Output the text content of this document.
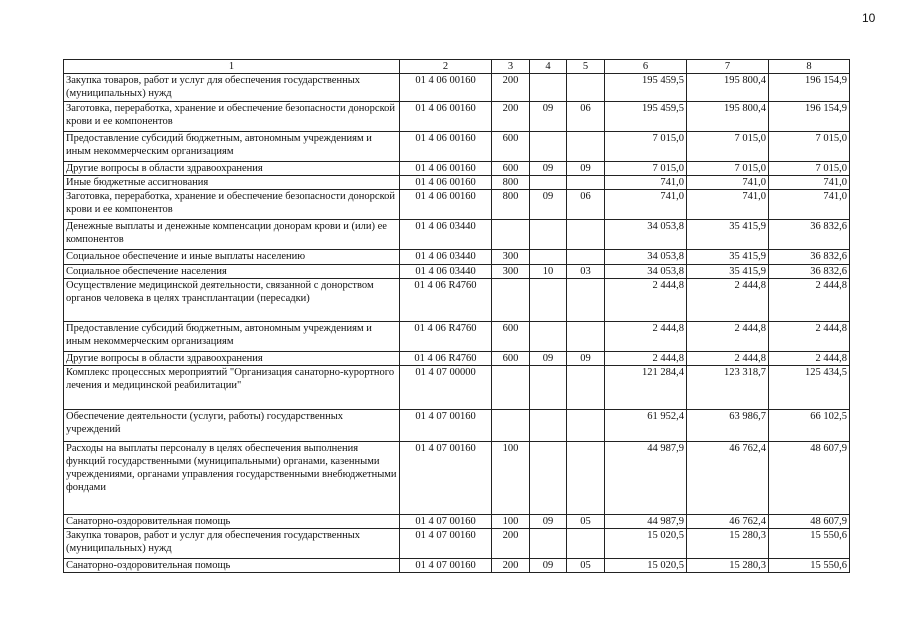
10
1	2	3	4	5	6	7	8
Закупка товаров, работ и услуг для обеспечения государственных (муниципальных) нужд	01 4 06 00160	200			195 459,5	195 800,4	196 154,9
Заготовка, переработка, хранение и обеспечение безопасности донорской крови и ее компонентов	01 4 06 00160	200	09	06	195 459,5	195 800,4	196 154,9
Предоставление субсидий бюджетным, автономным учреждениям и иным некоммерческим организациям	01 4 06 00160	600			7 015,0	7 015,0	7 015,0
Другие вопросы в области здравоохранения	01 4 06 00160	600	09	09	7 015,0	7 015,0	7 015,0
Иные бюджетные ассигнования	01 4 06 00160	800			741,0	741,0	741,0
Заготовка, переработка, хранение и обеспечение безопасности донорской крови и ее компонентов	01 4 06 00160	800	09	06	741,0	741,0	741,0
Денежные выплаты и денежные компенсации донорам крови и (или) ее компонентов	01 4 06 03440				34 053,8	35 415,9	36 832,6
Социальное обеспечение и иные выплаты населению	01 4 06 03440	300			34 053,8	35 415,9	36 832,6
Социальное обеспечение населения	01 4 06 03440	300	10	03	34 053,8	35 415,9	36 832,6
Осуществление медицинской деятельности, связанной с донорством органов человека в целях трансплантации (пересадки)	01 4 06 R4760				2 444,8	2 444,8	2 444,8
Предоставление субсидий бюджетным, автономным учреждениям и иным некоммерческим организациям	01 4 06 R4760	600			2 444,8	2 444,8	2 444,8
Другие вопросы в области здравоохранения	01 4 06 R4760	600	09	09	2 444,8	2 444,8	2 444,8
Комплекс процессных мероприятий "Организация санаторно-курортного лечения и медицинской реабилитации"	01 4 07 00000				121 284,4	123 318,7	125 434,5
Обеспечение деятельности (услуги, работы) государственных учреждений	01 4 07 00160				61 952,4	63 986,7	66 102,5
Расходы на выплаты персоналу в целях обеспечения выполнения функций государственными (муниципальными) органами, казенными учреждениями, органами управления государственными внебюджетными фондами	01 4 07 00160	100			44 987,9	46 762,4	48 607,9
Санаторно-оздоровительная помощь	01 4 07 00160	100	09	05	44 987,9	46 762,4	48 607,9
Закупка товаров, работ и услуг для обеспечения государственных (муниципальных) нужд	01 4 07 00160	200			15 020,5	15 280,3	15 550,6
Санаторно-оздоровительная помощь	01 4 07 00160	200	09	05	15 020,5	15 280,3	15 550,6
